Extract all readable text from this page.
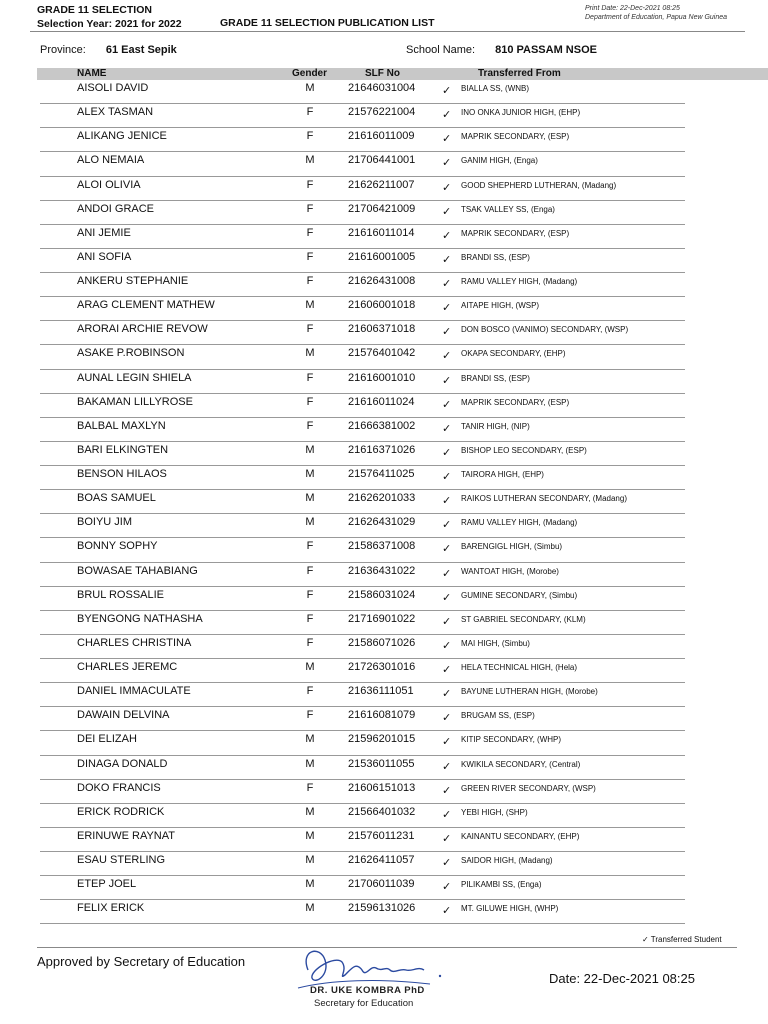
GRADE 11 SELECTION
Selection Year: 2021 for 2022	GRADE 11 SELECTION PUBLICATION LIST
Print Date: 22-Dec-2021 08:25
Department of Education, Papua New Guinea
Province: 61 East Sepik	School Name: 810 PASSAM NSOE
NAME	Gender	SLF No	Transferred From
AISOLI DAVID	M	21646031004 ✓ BIALLA SS, (WNB)
ALEX TASMAN	F	21576221004 ✓ INO ONKA JUNIOR HIGH, (EHP)
ALIKANG JENICE	F	21616011009	✓ MAPRIK SECONDARY, (ESP)
ALO NEMAIA	M	21706441001 ✓ GANIM HIGH, (Enga)
ALOI OLIVIA	F	21626211007	✓ GOOD SHEPHERD LUTHERAN, (Madang)
ANDOI GRACE	F	21706421009 ✓ TSAK VALLEY SS, (Enga)
ANI JEMIE	F	21616011014	✓ MAPRIK SECONDARY, (ESP)
ANI SOFIA	F	21616001005 ✓ BRANDI SS, (ESP)
ANKERU STEPHANIE	F	21626431008 ✓ RAMU VALLEY HIGH, (Madang)
ARAG CLEMENT MATHEW	M	21606001018 ✓ AITAPE HIGH, (WSP)
ARORAI ARCHIE REVOW	F	21606371018 ✓ DON BOSCO (VANIMO) SECONDARY, (WSP)
ASAKE P.ROBINSON	M	21576401042 ✓ OKAPA SECONDARY, (EHP)
AUNAL LEGIN SHIELA	F	21616001010 ✓ BRANDI SS, (ESP)
BAKAMAN LILLYROSE	F	21616011024	✓ MAPRIK SECONDARY, (ESP)
BALBAL MAXLYN	F	21666381002 ✓ TANIR HIGH, (NIP)
BARI ELKINGTEN	M	21616371026 ✓ BISHOP LEO SECONDARY, (ESP)
BENSON HILAOS	M	21576411025	✓ TAIRORA HIGH, (EHP)
BOAS SAMUEL	M	21626201033 ✓ RAIKOS LUTHERAN SECONDARY, (Madang)
BOIYU JIM	M	21626431029 ✓ RAMU VALLEY HIGH, (Madang)
BONNY SOPHY	F	21586371008 ✓ BARENGIGL HIGH, (Simbu)
BOWASAE TAHABIANG	F	21636431022 ✓ WANTOAT HIGH, (Morobe)
BRUL ROSSALIE	F	21586031024 ✓ GUMINE SECONDARY, (Simbu)
BYENGONG NATHASHA	F	21716901022 ✓ ST GABRIEL SECONDARY, (KLM)
CHARLES CHRISTINA	F	21586071026 ✓ MAI HIGH, (Simbu)
CHARLES JEREMC	M	21726301016 ✓ HELA TECHNICAL HIGH, (Hela)
DANIEL IMMACULATE	F	21636111051	✓ BAYUNE LUTHERAN HIGH, (Morobe)
DAWAIN DELVINA	F	21616081079 ✓ BRUGAM SS, (ESP)
DEI ELIZAH	M	21596201015 ✓ KITIP SECONDARY, (WHP)
DINAGA DONALD	M	21536011055	✓ KWIKILA SECONDARY, (Central)
DOKO FRANCIS	F	21606151013 ✓ GREEN RIVER SECONDARY, (WSP)
ERICK RODRICK	M	21566401032 ✓ YEBI HIGH, (SHP)
ERINUWE RAYNAT	M	21576011231	✓ KAINANTU SECONDARY, (EHP)
ESAU STERLING	M	21626411057	✓ SAIDOR HIGH, (Madang)
ETEP JOEL	M	21706011039	✓ PILIKAMBI SS, (Enga)
FELIX ERICK	M	21596131026 ✓ MT. GILUWE HIGH, (WHP)
✓ Transferred Student
Approved by Secretary of Education
DR. UKE KOMBRA PhD
Secretary for Education
Date: 22-Dec-2021 08:25
